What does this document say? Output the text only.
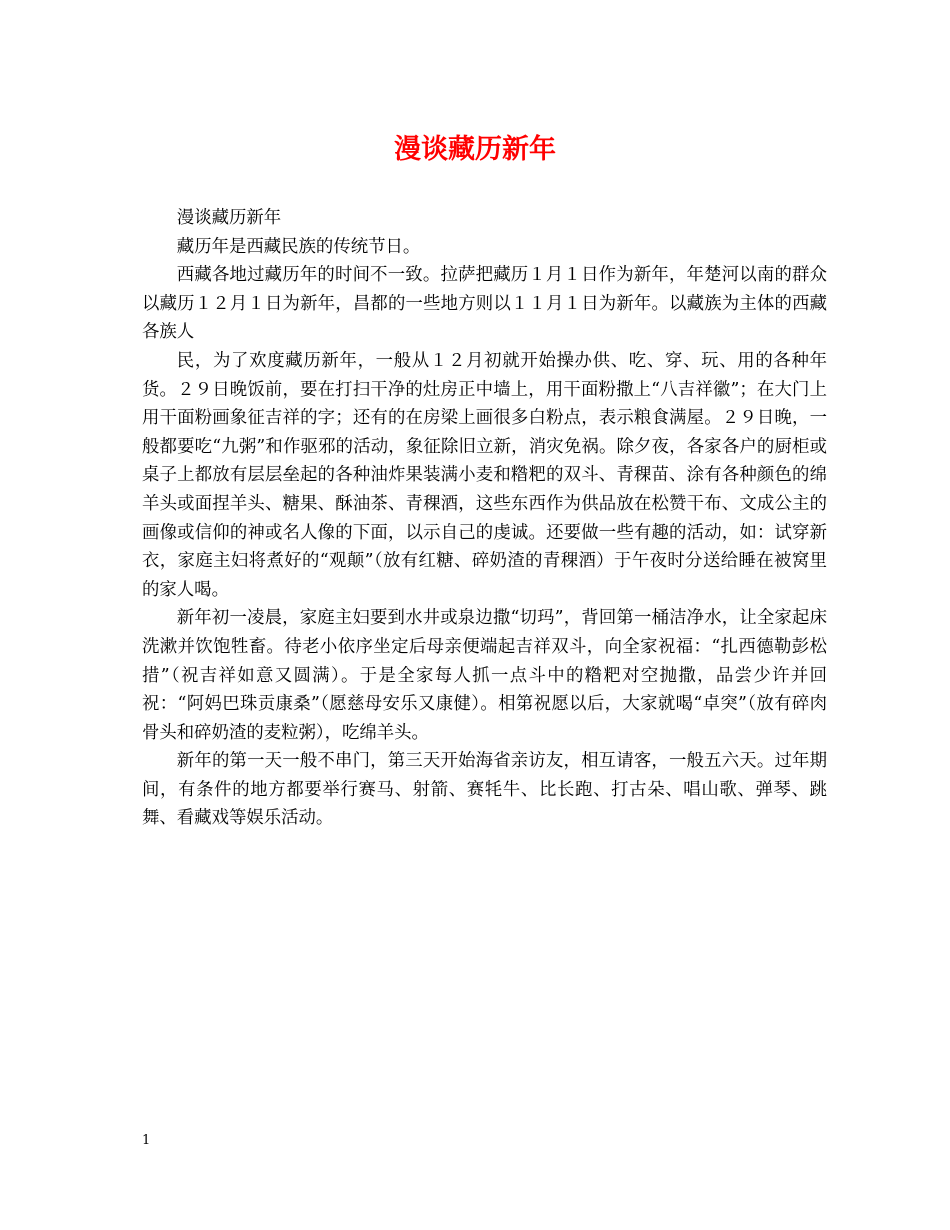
漫谈藏历新年

漫谈藏历新年

藏历年是西藏民族的传统节日。

西藏各地过藏历年的时间不一致。拉萨把藏历１月１日作为新年，年楚河以南的群众以藏历１２月１日为新年，昌都的一些地方则以１１月１日为新年。以藏族为主体的西藏各族人

民，为了欢度藏历新年，一般从１２月初就开始操办供、吃、穿、玩、用的各种年货。２９日晚饭前，要在打扫干净的灶房正中墙上，用干面粉撒上“八吉祥徽”；在大门上用干面粉画象征吉祥的字；还有的在房梁上画很多白粉点，表示粮食满屋。２９日晚，一般都要吃“九粥”和作驱邪的活动，象征除旧立新，消灾免祸。除夕夜，各家各户的厨柜或桌子上都放有层层垒起的各种油炸果装满小麦和糌粑的双斗、青稞苗、涂有各种颜色的绵羊头或面捏羊头、糖果、酥油茶、青稞酒，这些东西作为供品放在松赞干布、文成公主的画像或信仰的神或名人像的下面，以示自己的虔诚。还要做一些有趣的活动，如：试穿新衣，家庭主妇将煮好的“观颠”（放有红糖、碎奶渣的青稞酒）于午夜时分送给睡在被窝里的家人喝。

新年初一凌晨，家庭主妇要到水井或泉边撒“切玛”，背回第一桶洁净水，让全家起床洗漱并饮饱牲畜。待老小依序坐定后母亲便端起吉祥双斗，向全家祝福：“扎西德勒彭松措”（祝吉祥如意又圆满）。于是全家每人抓一点斗中的糌粑对空抛撒，品尝少许并回祝：“阿妈巴珠贡康桑”（愿慈母安乐又康健）。相第祝愿以后，大家就喝“卓突”（放有碎肉骨头和碎奶渣的麦粒粥），吃绵羊头。

新年的第一天一般不串门，第三天开始海省亲访友，相互请客，一般五六天。过年期间，有条件的地方都要举行赛马、射箭、赛牦牛、比长跑、打古朵、唱山歌、弹琴、跳舞、看藏戏等娱乐活动。

1
